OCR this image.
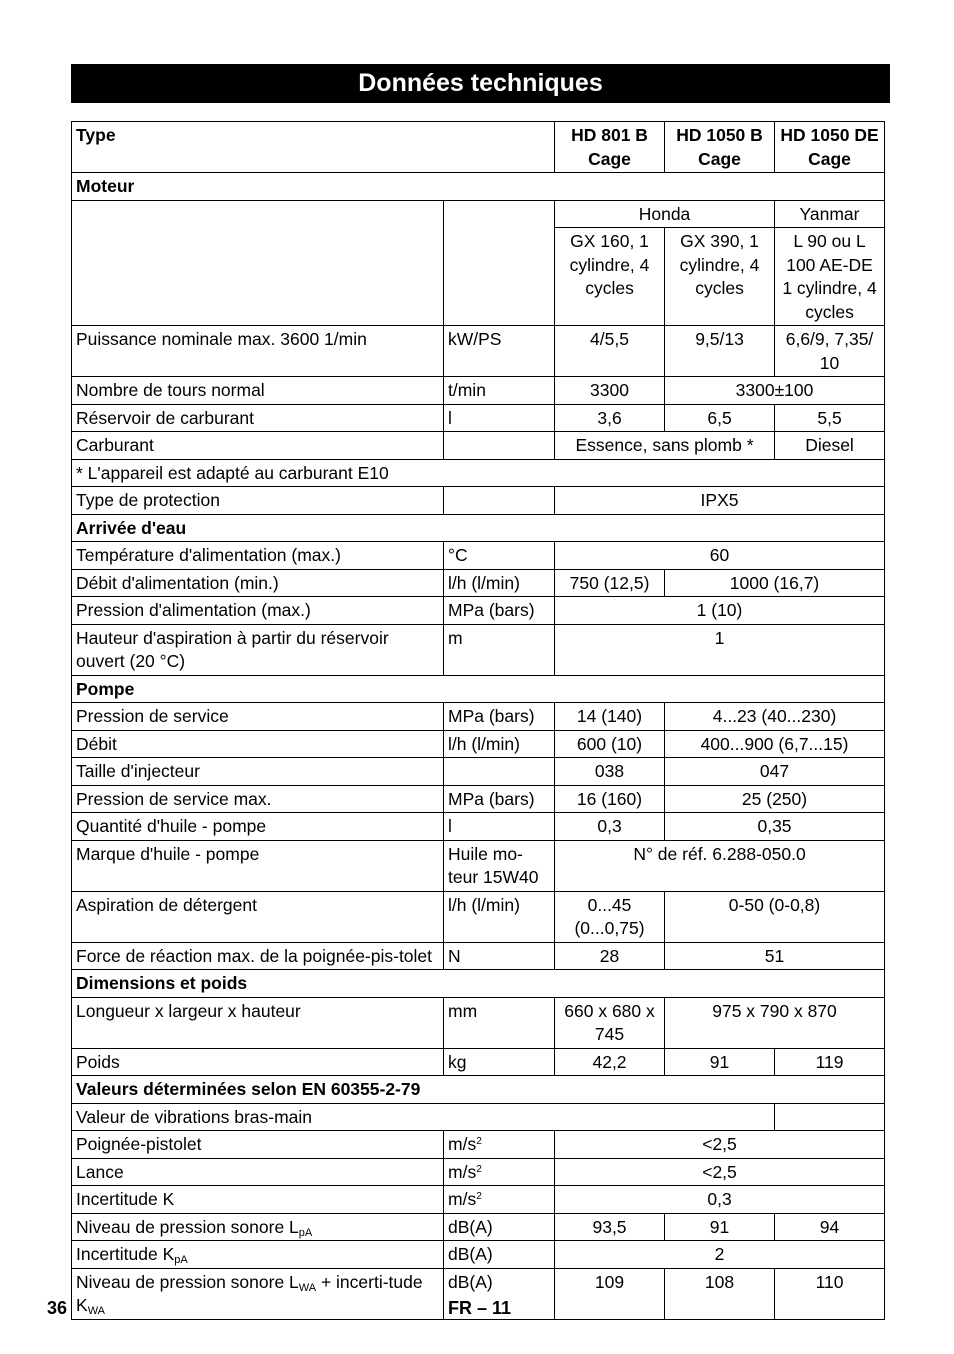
Données techniques
Type		HD 801 B Cage	HD 1050 B Cage	HD 1050 DE Cage
Moteur				
		Honda		Yanmar
		GX 160, 1 cylindre, 4 cycles	GX 390, 1 cylindre, 4 cycles	L 90 ou L 100 AE-DE 1 cylindre, 4 cycles
Puissance nominale max. 3600 1/min	kW/PS	4/5,5	9,5/13	6,6/9, 7,35/ 10
Nombre de tours normal	t/min	3300	3300±100	
Réservoir de carburant	l	3,6	6,5	5,5
Carburant		Essence, sans plomb *		Diesel
* L'appareil est adapté au carburant E10				
Type de protection		IPX5		
Arrivée d'eau				
Température d'alimentation (max.)	°C	60		
Débit d'alimentation (min.)	l/h (l/min)	750 (12,5)	1000 (16,7)	
Pression d'alimentation (max.)	MPa (bars)	1 (10)		
Hauteur d'aspiration à partir du réservoir ouvert (20 °C)	m	1		
Pompe				
Pression de service	MPa (bars)	14 (140)	4...23 (40...230)	
Débit	l/h (l/min)	600 (10)	400...900 (6,7...15)	
Taille d'injecteur		038	047	
Pression de service max.	MPa (bars)	16 (160)	25 (250)	
Quantité d'huile - pompe	l	0,3	0,35	
Marque d'huile - pompe	Huile mo-teur 15W40	N° de réf. 6.288-050.0		
Aspiration de détergent	l/h (l/min)	0...45 (0...0,75)	0-50 (0-0,8)	
Force de réaction max. de la poignée-pis-tolet	N	28	51	
Dimensions et poids				
Longueur x largeur x hauteur	mm	660 x 680 x 745	975 x 790 x 870	
Poids	kg	42,2	91	119
Valeurs déterminées selon EN 60355-2-79				
Valeur de vibrations bras-main				
Poignée-pistolet	$m/s^2$	<2,5		
Lance	$m/s^2$	<2,5		
Incertitude K	$m/s^2$	0,3		
Niveau de pression sonore $L_{pA}$	dB(A)	93,5	91	94
Incertitude $K_{pA}$	dB(A)	2		
Niveau de pression sonore $L_{WA}$ + incerti-tude $K_{WA}$	dB(A)	109	108	110
36	FR – 11
